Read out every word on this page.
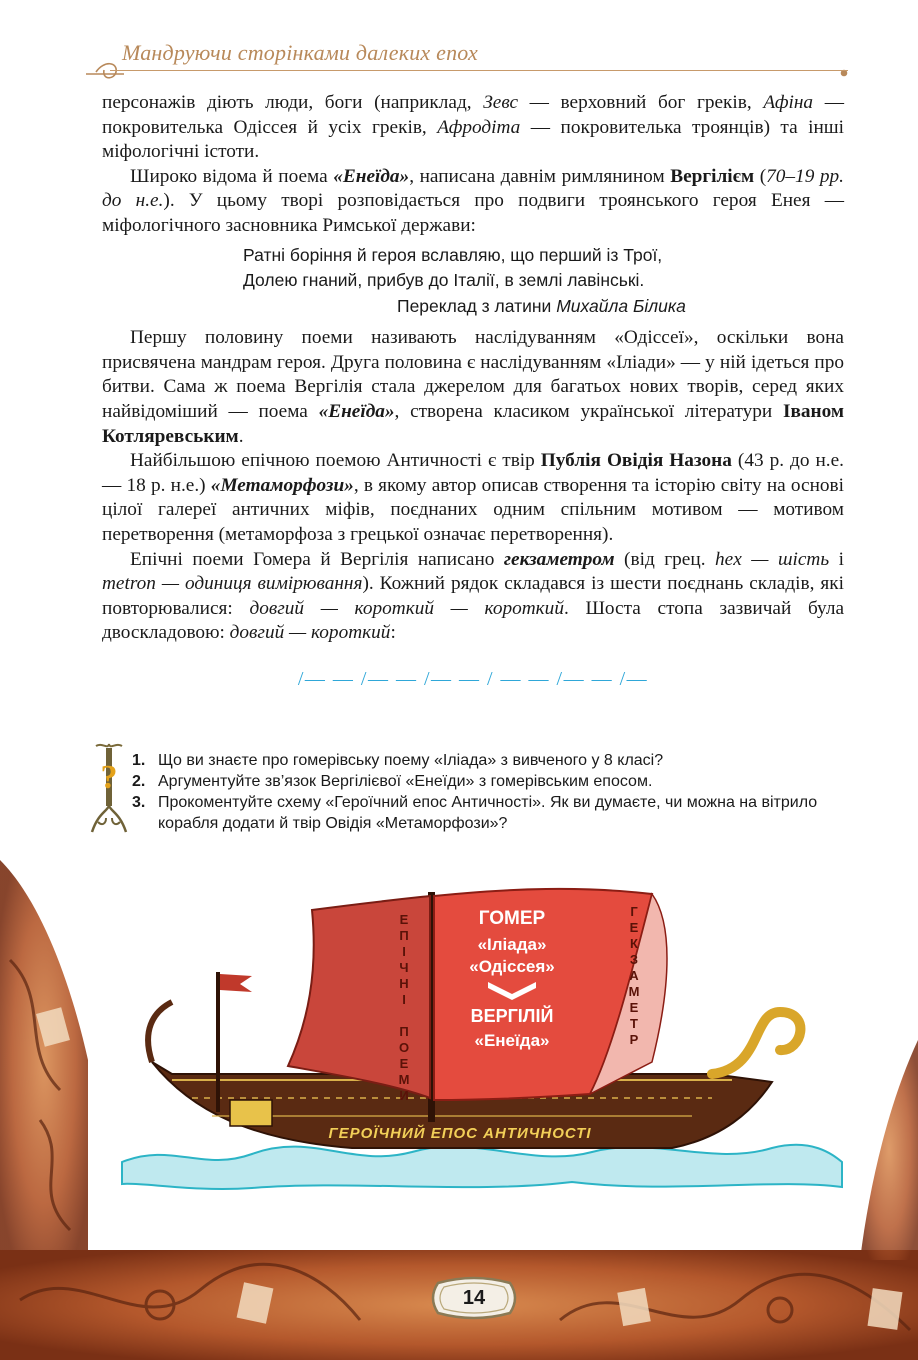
Мандруючи сторінками далеких епох

персонажів діють люди, боги (наприклад, Зевс — верховний бог греків, Афіна — покровителька Одіссея й усіх греків, Афродіта — покровителька троянців) та інші міфологічні істоти.

Широко відома й поема «Енеїда», написана давнім римлянином Вергілієм (70–19 рр. до н.е.). У цьому творі розповідається про подвиги троянського героя Енея — міфологічного засновника Римської держави:

Ратні боріння й героя вславляю, що перший із Трої,
Долею гнаний, прибув до Італії, в землі лавінські.
Переклад з латини Михайла Білика

Першу половину поеми називають наслідуванням «Одіссеї», оскільки вона присвячена мандрам героя. Друга половина є наслідуванням «Іліади» — у ній ідеться про битви. Сама ж поема Вергілія стала джерелом для багатьох нових творів, серед яких найвідоміший — поема «Енеїда», створена класиком української літератури Іваном Котляревським.

Найбільшою епічною поемою Античності є твір Публія Овідія Назона (43 р. до н.е. — 18 р. н.е.) «Метаморфози», в якому автор описав створення та історію світу на основі цілої галереї античних міфів, поєднаних одним спільним мотивом — мотивом перетворення (метаморфоза з грецької означає перетворення).

Епічні поеми Гомера й Вергілія написано гекзаметром (від грец. hex — шість і metron — одиниця вимірювання). Кожний рядок складався із шести поєднань складів, які повторювалися: довгий — короткий — короткий. Шоста стопа зазвичай була двоскладовою: довгий — короткий:

/— — /— — /— — / — — /— — /—
? 1. Що ви знаєте про гомерівську поему «Іліада» з вивченого у 8 класі?
2. Аргументуйте зв’язок Вергілієвої «Енеїди» з гомерівським епосом.
3. Прокоментуйте схему «Героїчний епос Античності». Як ви думаєте, чи можна на вітрило корабля додати й твір Овідія «Метаморфози»?
ГОМЕР
«Іліада»
«Одіссея»
ВЕРГІЛІЙ
«Енеїда»
ЕПІЧНІ ПОЕМИ	ГЕКЗАМЕТР
ГЕРОЇЧНИЙ ЕПОС АНТИЧНОСТІ
14
